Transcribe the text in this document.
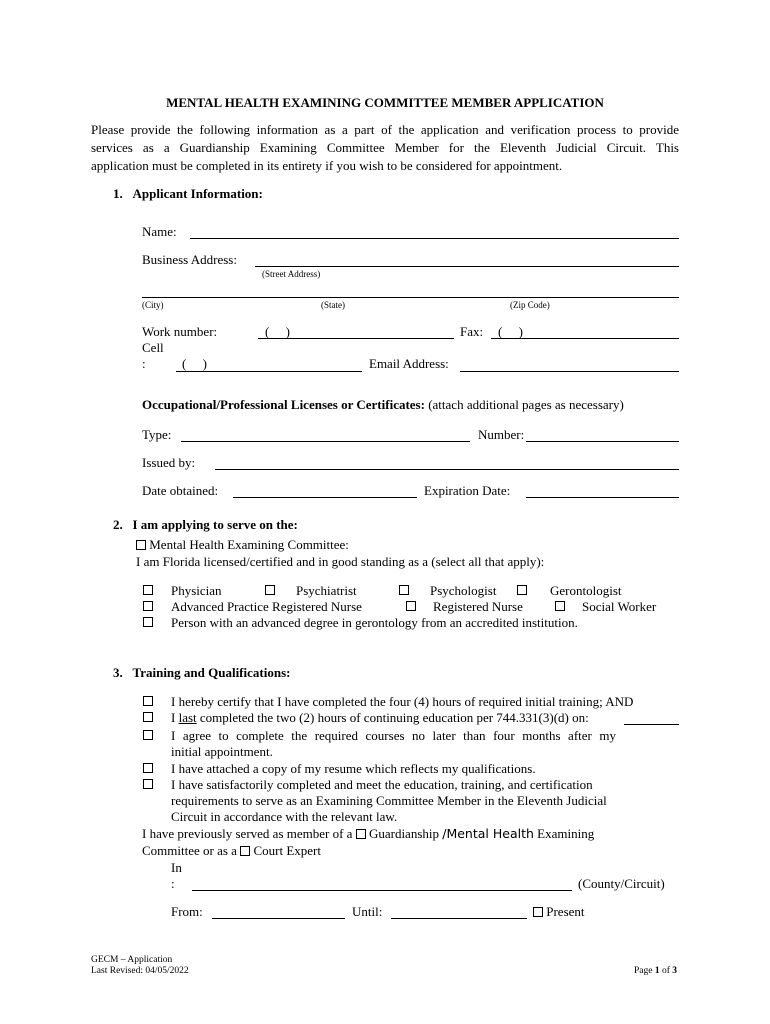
MENTAL HEALTH EXAMINING COMMITTEE MEMBER APPLICATION
Please provide the following information as a part of the application and verification process to provide
services as a Guardianship Examining Committee Member for the Eleventh Judicial Circuit. This
application must be completed in its entirety if you wish to be considered for appointment.
1.   Applicant Information:
Name:
Business Address:
(Street Address)
(City)	(State)	(Zip Code)
Work number:	(     )	Fax: (     )
Cell
:	(     )	Email Address:
Occupational/Professional Licenses or Certificates: (attach additional pages as necessary)
Type:	Number:
Issued by:
Date obtained:	Expiration Date:
2.   I am applying to serve on the:
Mental Health Examining Committee:
I am Florida licensed/certified and in good standing as a (select all that apply):
Physician	Psychiatrist	Psychologist	Gerontologist
Advanced Practice Registered Nurse	Registered Nurse	Social Worker
Person with an advanced degree in gerontology from an accredited institution.
3.   Training and Qualifications:
I hereby certify that I have completed the four (4) hours of required initial training; AND
I last completed the two (2) hours of continuing education per 744.331(3)(d) on:
I agree to complete the required courses no later than four months after my
initial appointment.
I have attached a copy of my resume which reflects my qualifications.
I have satisfactorily completed and meet the education, training, and certification
requirements to serve as an Examining Committee Member in the Eleventh Judicial
Circuit in accordance with the relevant law.
I have previously served as member of a Guardianship /Mental Health Examining
Committee or as a Court Expert
In
:	(County/Circuit)
From:	Until:	Present
GECM – Application
Last Revised: 04/05/2022	Page 1 of 3
